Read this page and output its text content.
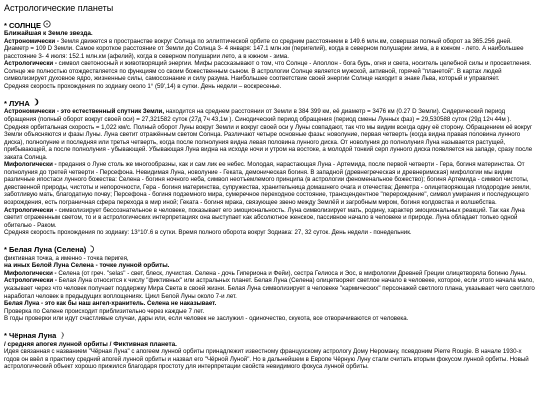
Астрологические планеты
* СОЛНЦЕ
Ближайшая к Земле звезда.

Астрономически - Земля движется в пространстве вокруг Солнца по эллиптической орбите со средним расстоянием в 149.6 млн.км, совершая полный оборот за 365.256 дней. Диаметр = 109 D Земли. Самое короткое расстояние от Земли до Солнца 3- 4 января: 147.1 млн.км (перигелий), когда в северном полушарии зима, а в южном - лето. А наибольшее расстояние 3- 4 июля: 152.1 млн.км (афелий), когда в северном полушарии лето, а в южном - зима.

Астрологически - символ светоносный и животворящий энергии. Мифы рассказывают о том, что Солнце - Аполлон - бога бурь, огня и света, носитель целебной силы и просветления. Солнце же полностью отождествляется по функциям со своим божественным сыном. В астрологии Солнце является мужской, активной, горячей "планетой". В картах людей символизирует духовное ядро, жизненные силы, самосознание и силу разума. Наибольшее соответствие своей энергии Солнце находит в знаке Льва, который и управляет.

Средняя скорость прохождения по зодиаку около 1° (59',14) в сутки. День недели – воскресенье.

* ЛУНА

Астрономически - это естественный спутник Земли, находится на среднем расстоянии от Земли в 384 399 км, её диаметр = 3476 км (0.27 D Земли). Сидерический период обращения (полный оборот вокруг своей оси) = 27,321582 суток (27д 7ч 43,1м ). Синодический период обращения (период смены Лунных фаз) = 29,530588 суток (29д 12ч 44м ). Средняя орбитальная скорость = 1,022 км/с. Полный оборот Луны вокруг Земли и вокруг своей оси у Луны совпадают, так что мы видим всегда одну её сторону. Обращением её вокруг Земли объясняются и фазы Луны. Луна светит отражённым светом Солнца. Различают четыре основные фазы: новолуние, первая четверть (когда видна правая половина лунного диска), полнолуние и последняя или третья четверть, когда после полнолуния видна левая половина лунного диска. От новолуния до полнолуния Луна называется растущей, прибывающей, а после полнолуния - убывающей. Убывающая Луна видна на исходе ночи и утром на востоке, а молодой тонкий серп лунного диска появляется на западе, сразу после заката Солнца.

Мифологически - предания о Луне столь же многообразны, как и сам лик ее небес. Молодая, нарастающая Луна - Артемида, после первой четверти - Гера, богиня материнства. От полнолуния до третей четверти - Персефона. Невидимая Луна, новолуние - Геката, демоническая богиня. В западной (древнегреческая и древнеримская) мифологии мы видим различные ипостаси лунного божества: Селена - богиня ночного неба, символ неотъемлемого принципа (в астрологии феноменальное божество); богиня Артемида - символ чистоты, девственной природы, чистоты и непорочности, Гера - богиня материнства, супружества, хранительница домашнего очага и отечества; Деметра - олицетворяющая плодородие земли, заботливую мать, благодатную почву; Персефона - богиня подземного мира, сумеречное переходное состояние, трансцендентное "перерождение", символ умирания и последующего возрождения, есть пограничная сфера перехода в мир иной; Геката - богиня мрака, связующее звено между Землёй и загробным миром, богиня колдовства и волшебства.

Астрологически - символизирует бессознательное в человеке, показывает его эмоциональность. Луна символизирует мать, родину, характер эмоциональных реакций. Так как Луна светит отраженным светом, то и в астрологических интерпретациях она выступает как абсолютное женское, пассивное начало в человеке и природе. Луна обладает только одной обителью - Раком.

Средняя скорость прохождения по зодиаку: 13°10'.6 в сутки. Время полного оборота вокруг Зодиака: 27, 32 суток. День недели - понедельник.

* Белая Луна (Селена)
фиктивная точка, а именно - точка перигея,
на иных Белой Луна Селена - точке лунной орбиты.

Мифологически - Селена (от греч. "selas" - свет, блеск, лучистая. Селена - дочь Гипериона и Фейи), сестра Гелиоса и Эос, в мифологии Древней Греции олицетворяла богиню Луны.

Астрологически - Белая Луна относится к числу "фиктивных" или астральных планет. Белая Луна (Селена) олицетворяет светлое начало в человеке, которое, если этого начала мало, указывает через что человек получает поддержку Мира Света в своей жизни. Белая Луна символизирует в человеке "кармических" персонажей светлого плана, указывает чего светлого наработал человек в предыдущих воплощениях. Цикл Белой Луны около 7-и лет.

Белая Луна - это как бы наш ангел-хранитель. Селена не наказывает.

Проверка по Селене происходит приблизительно через каждые 7 лет.

В годы проверки или идут счастливые случаи, дары или, если человек не заслужил - одиночество, скукота, все отворачиваются от человека.

* Чёрная Луна
/ средняя апогея лунной орбиты / Фиктивная планета.

Идея связанная с названием "Чёрная Луна" с апогеем лунной орбиты принадлежит известному французскому астрологу Дому Нероману, псевдоним Pierre Rougie. В начале 1930-х годов он ввёл в практику средний апогей лунной орбиты и назвал его "Чёрной Луной". Но в дальнейшем в Европе Чёрную Луну стали считать вторым фокусом лунной орбиты. Новый астрологический объект хорошо прижился благодаря простоту для интерпретации свойств невидимого фокуса лунной орбиты.
